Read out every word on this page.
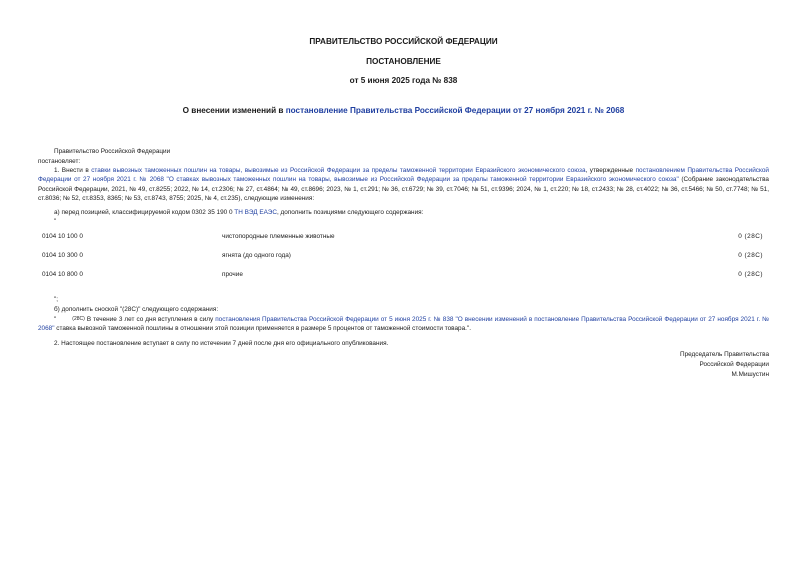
ПРАВИТЕЛЬСТВО РОССИЙСКОЙ ФЕДЕРАЦИИ
ПОСТАНОВЛЕНИЕ
от 5 июня 2025 года № 838
О внесении изменений в постановление Правительства Российской Федерации от 27 ноября 2021 г. № 2068
Правительство Российской Федерации
постановляет:
1. Внести в ставки вывозных таможенных пошлин на товары, вывозимые из Российской Федерации за пределы таможенной территории Евразийского экономического союза, утвержденные постановлением Правительства Российской Федерации от 27 ноября 2021 г. № 2068 "О ставках вывозных таможенных пошлин на товары, вывозимые из Российской Федерации за пределы таможенной территории Евразийского экономического союза" (Собрание законодательства Российской Федерации, 2021, № 49, ст.8255; 2022, № 14, ст.2306; № 27, ст.4864; № 49, ст.8696; 2023, № 1, ст.291; № 36, ст.6729; № 39, ст.7046; № 51, ст.9396; 2024, № 1, ст.220; № 18, ст.2433; № 28, ст.4022; № 36, ст.5466; № 50, ст.7748; № 51, ст.8036; № 52, ст.8353, 8365; № 53, ст.8743, 8755; 2025, № 4, ст.235), следующие изменения:
а) перед позицией, классифицируемой кодом 0302 35 190 0 ТН ВЭД ЕАЭС, дополнить позициями следующего содержания:
"
0104 10 100 0	чистопородные племенные животные	0 (28С)
0104 10 300 0	ягнята (до одного года)	0 (28С)
0104 10 800 0	прочие	0 (28С)
";
б) дополнить сноской "(28С)" следующего содержания:
"	(28С) В течение 3 лет со дня вступления в силу постановления Правительства Российской Федерации от 5 июня 2025 г. № 838 "О внесении изменений в постановление Правительства Российской Федерации от 27 ноября 2021 г. № 2068" ставка вывозной таможенной пошлины в отношении этой позиции применяется в размере 5 процентов от таможенной стоимости товара.".
2. Настоящее постановление вступает в силу по истечении 7 дней после дня его официального опубликования.
Председатель Правительства
Российской Федерации
М.Мишустин
